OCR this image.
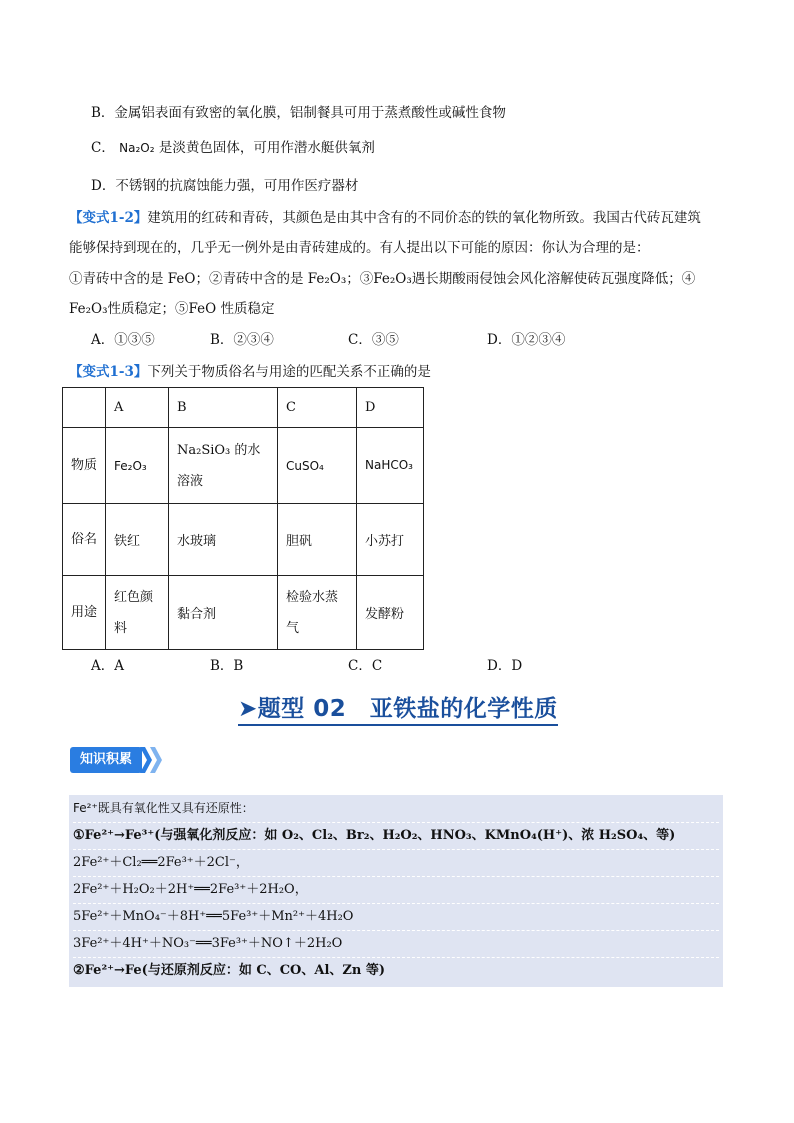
B．金属铝表面有致密的氧化膜，铝制餐具可用于蒸煮酸性或碱性食物
C． Na₂O₂ 是淡黄色固体，可用作潜水艇供氧剂
D．不锈钢的抗腐蚀能力强，可用作医疗器材
【变式1-2】建筑用的红砖和青砖，其颜色是由其中含有的不同价态的铁的氧化物所致。我国古代砖瓦建筑
能够保持到现在的，几乎无一例外是由青砖建成的。有人提出以下可能的原因：你认为合理的是：
①青砖中含的是 FeO；②青砖中含的是 Fe₂O₃；③Fe₂O₃遇长期酸雨侵蚀会风化溶解使砖瓦强度降低；④
Fe₂O₃性质稳定；⑤FeO 性质稳定
A．①③⑤	B．②③④	C．③⑤	D．①②③④
【变式1-3】下列关于物质俗名与用途的匹配关系不正确的是
	A	B	C	D
物质	Fe₂O₃	Na₂SiO₃ 的水溶液	CuSO₄	NaHCO₃
俗名	铁红	水玻璃	胆矾	小苏打
用途	红色颜料	黏合剂	检验水蒸气	发酵粉
A．A	B．B	C．C	D．D
➤题型 02　亚铁盐的化学性质
知识积累
Fe²⁺既具有氧化性又具有还原性：
①Fe²⁺→Fe³⁺(与强氧化剂反应：如 O₂、Cl₂、Br₂、H₂O₂、HNO₃、KMnO₄(H⁺)、浓 H₂SO₄、等)
2Fe²⁺＋Cl₂══2Fe³⁺＋2Cl⁻，
2Fe²⁺＋H₂O₂＋2H⁺══2Fe³⁺＋2H₂O，
5Fe²⁺＋MnO₄⁻＋8H⁺══5Fe³⁺＋Mn²⁺＋4H₂O
3Fe²⁺＋4H⁺＋NO₃⁻══3Fe³⁺＋NO↑＋2H₂O
②Fe²⁺→Fe(与还原剂反应：如 C、CO、Al、Zn 等)
